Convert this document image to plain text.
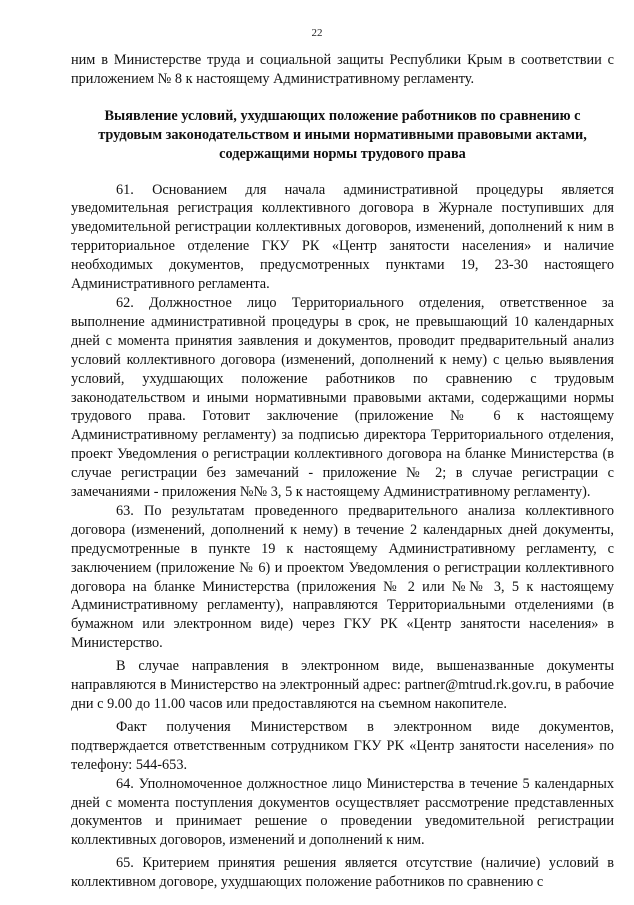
22

ним в Министерстве труда и социальной защиты Республики Крым в соответствии с приложением № 8 к настоящему Административному регламенту.

Выявление условий, ухудшающих положение работников по сравнению с трудовым законодательством и иными нормативными правовыми актами, содержащими нормы трудового права

61. Основанием для начала административной процедуры является уведомительная регистрация коллективного договора в Журнале поступивших для уведомительной регистрации коллективных договоров, изменений, дополнений к ним в территориальное отделение ГКУ РК «Центр занятости населения» и наличие необходимых документов, предусмотренных пунктами 19, 23-30 настоящего Административного регламента.

62. Должностное лицо Территориального отделения, ответственное за выполнение административной процедуры в срок, не превышающий 10 календарных дней с момента принятия заявления и документов, проводит предварительный анализ условий коллективного договора (изменений, дополнений к нему) с целью выявления условий, ухудшающих положение работников по сравнению с трудовым законодательством и иными нормативными правовыми актами, содержащими нормы трудового права. Готовит заключение (приложение № 6 к настоящему Административному регламенту) за подписью директора Территориального отделения, проект Уведомления о регистрации коллективного договора на бланке Министерства (в случае регистрации без замечаний - приложение № 2; в случае регистрации с замечаниями - приложения №№ 3, 5 к настоящему Административному регламенту).

63. По результатам проведенного предварительного анализа коллективного договора (изменений, дополнений к нему) в течение 2 календарных дней документы, предусмотренные в пункте 19 к настоящему Административному регламенту, с заключением (приложение № 6) и проектом Уведомления о регистрации коллективного договора на бланке Министерства (приложения № 2 или №№ 3, 5 к настоящему Административному регламенту), направляются Территориальными отделениями (в бумажном или электронном виде) через ГКУ РК «Центр занятости населения» в Министерство.

В случае направления в электронном виде, вышеназванные документы направляются в Министерство на электронный адрес: partner@mtrud.rk.gov.ru, в рабочие дни с 9.00 до 11.00 часов или предоставляются на съемном накопителе.

Факт получения Министерством в электронном виде документов, подтверждается ответственным сотрудником ГКУ РК «Центр занятости населения» по телефону: 544-653.

64. Уполномоченное должностное лицо Министерства в течение 5 календарных дней с момента поступления документов осуществляет рассмотрение представленных документов и принимает решение о проведении уведомительной регистрации коллективных договоров, изменений и дополнений к ним.

65. Критерием принятия решения является отсутствие (наличие) условий в коллективном договоре, ухудшающих положение работников по сравнению с
